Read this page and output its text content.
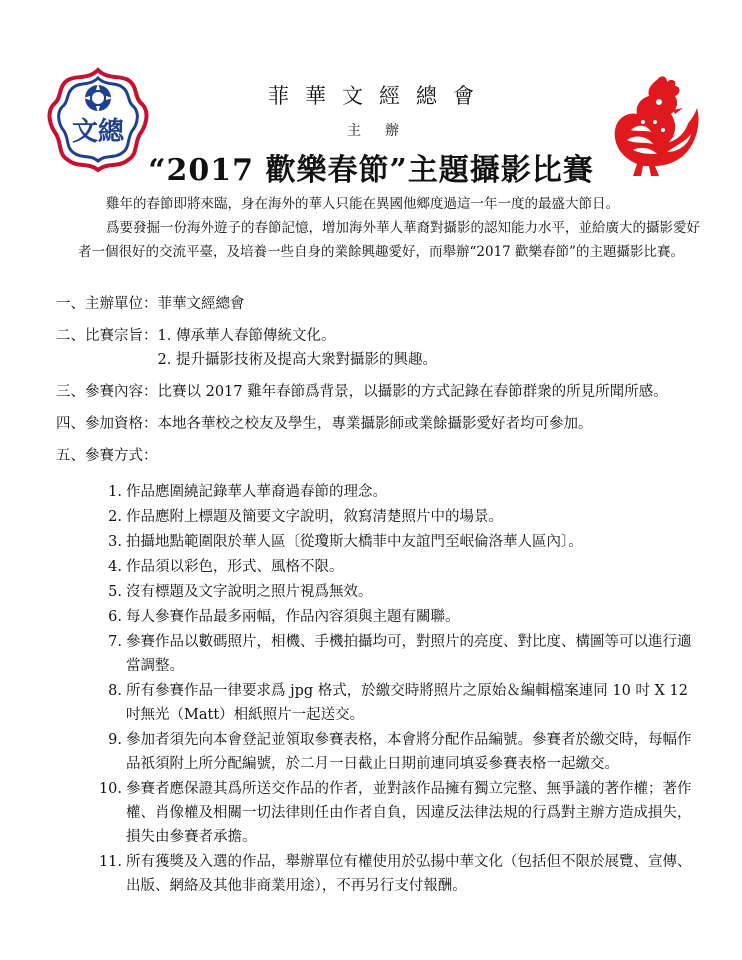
文總
菲華文經總會
主辦
“2017 歡樂春節”主題攝影比賽

雞年的春節即將來臨，身在海外的華人只能在異國他鄉度過這一年一度的最盛大節日。

爲要發掘一份海外遊子的春節記憶，增加海外華人華裔對攝影的認知能力水平，並給廣大的攝影愛好者一個很好的交流平臺，及培養一些自身的業餘興趣愛好，而舉辦“2017 歡樂春節”的主題攝影比賽。

一、主辦單位： 菲華文經總會
二、比賽宗旨： 1. 傳承華人春節傳統文化。
2. 提升攝影技術及提高大衆對攝影的興趣。
三、參賽內容： 比賽以 2017 雞年春節爲背景，以攝影的方式記錄在春節群衆的所見所聞所感。
四、參加資格： 本地各華校之校友及學生，專業攝影師或業餘攝影愛好者均可參加。
五、參賽方式：
1. 作品應圍繞記錄華人華裔過春節的理念。
2. 作品應附上標題及簡要文字說明，敘寫清楚照片中的場景。
3. 拍攝地點範圍限於華人區〔從瓊斯大橋菲中友誼門至岷倫洛華人區內〕。
4. 作品須以彩色，形式、風格不限。
5. 沒有標題及文字說明之照片視爲無效。
6. 每人參賽作品最多兩幅，作品內容須與主題有關聯。
7. 參賽作品以數碼照片，相機、手機拍攝均可，對照片的亮度、對比度、構圖等可以進行適當調整。
8. 所有參賽作品一律要求爲 jpg 格式，於繳交時將照片之原始＆編輯檔案連同 10 吋 X 12 吋無光（Matt）相紙照片一起送交。
9. 參加者須先向本會登記並領取參賽表格，本會將分配作品編號。參賽者於繳交時，每幅作品祇須附上所分配編號，於二月一日截止日期前連同填妥參賽表格一起繳交。
10. 參賽者應保證其爲所送交作品的作者，並對該作品擁有獨立完整、無爭議的著作權；著作權、肖像權及相關一切法律則任由作者自負，因違反法律法規的行爲對主辦方造成損失，損失由參賽者承擔。
11. 所有獲獎及入選的作品，舉辦單位有權使用於弘揚中華文化（包括但不限於展覽、宣傳、出版、網絡及其他非商業用途），不再另行支付報酬。
